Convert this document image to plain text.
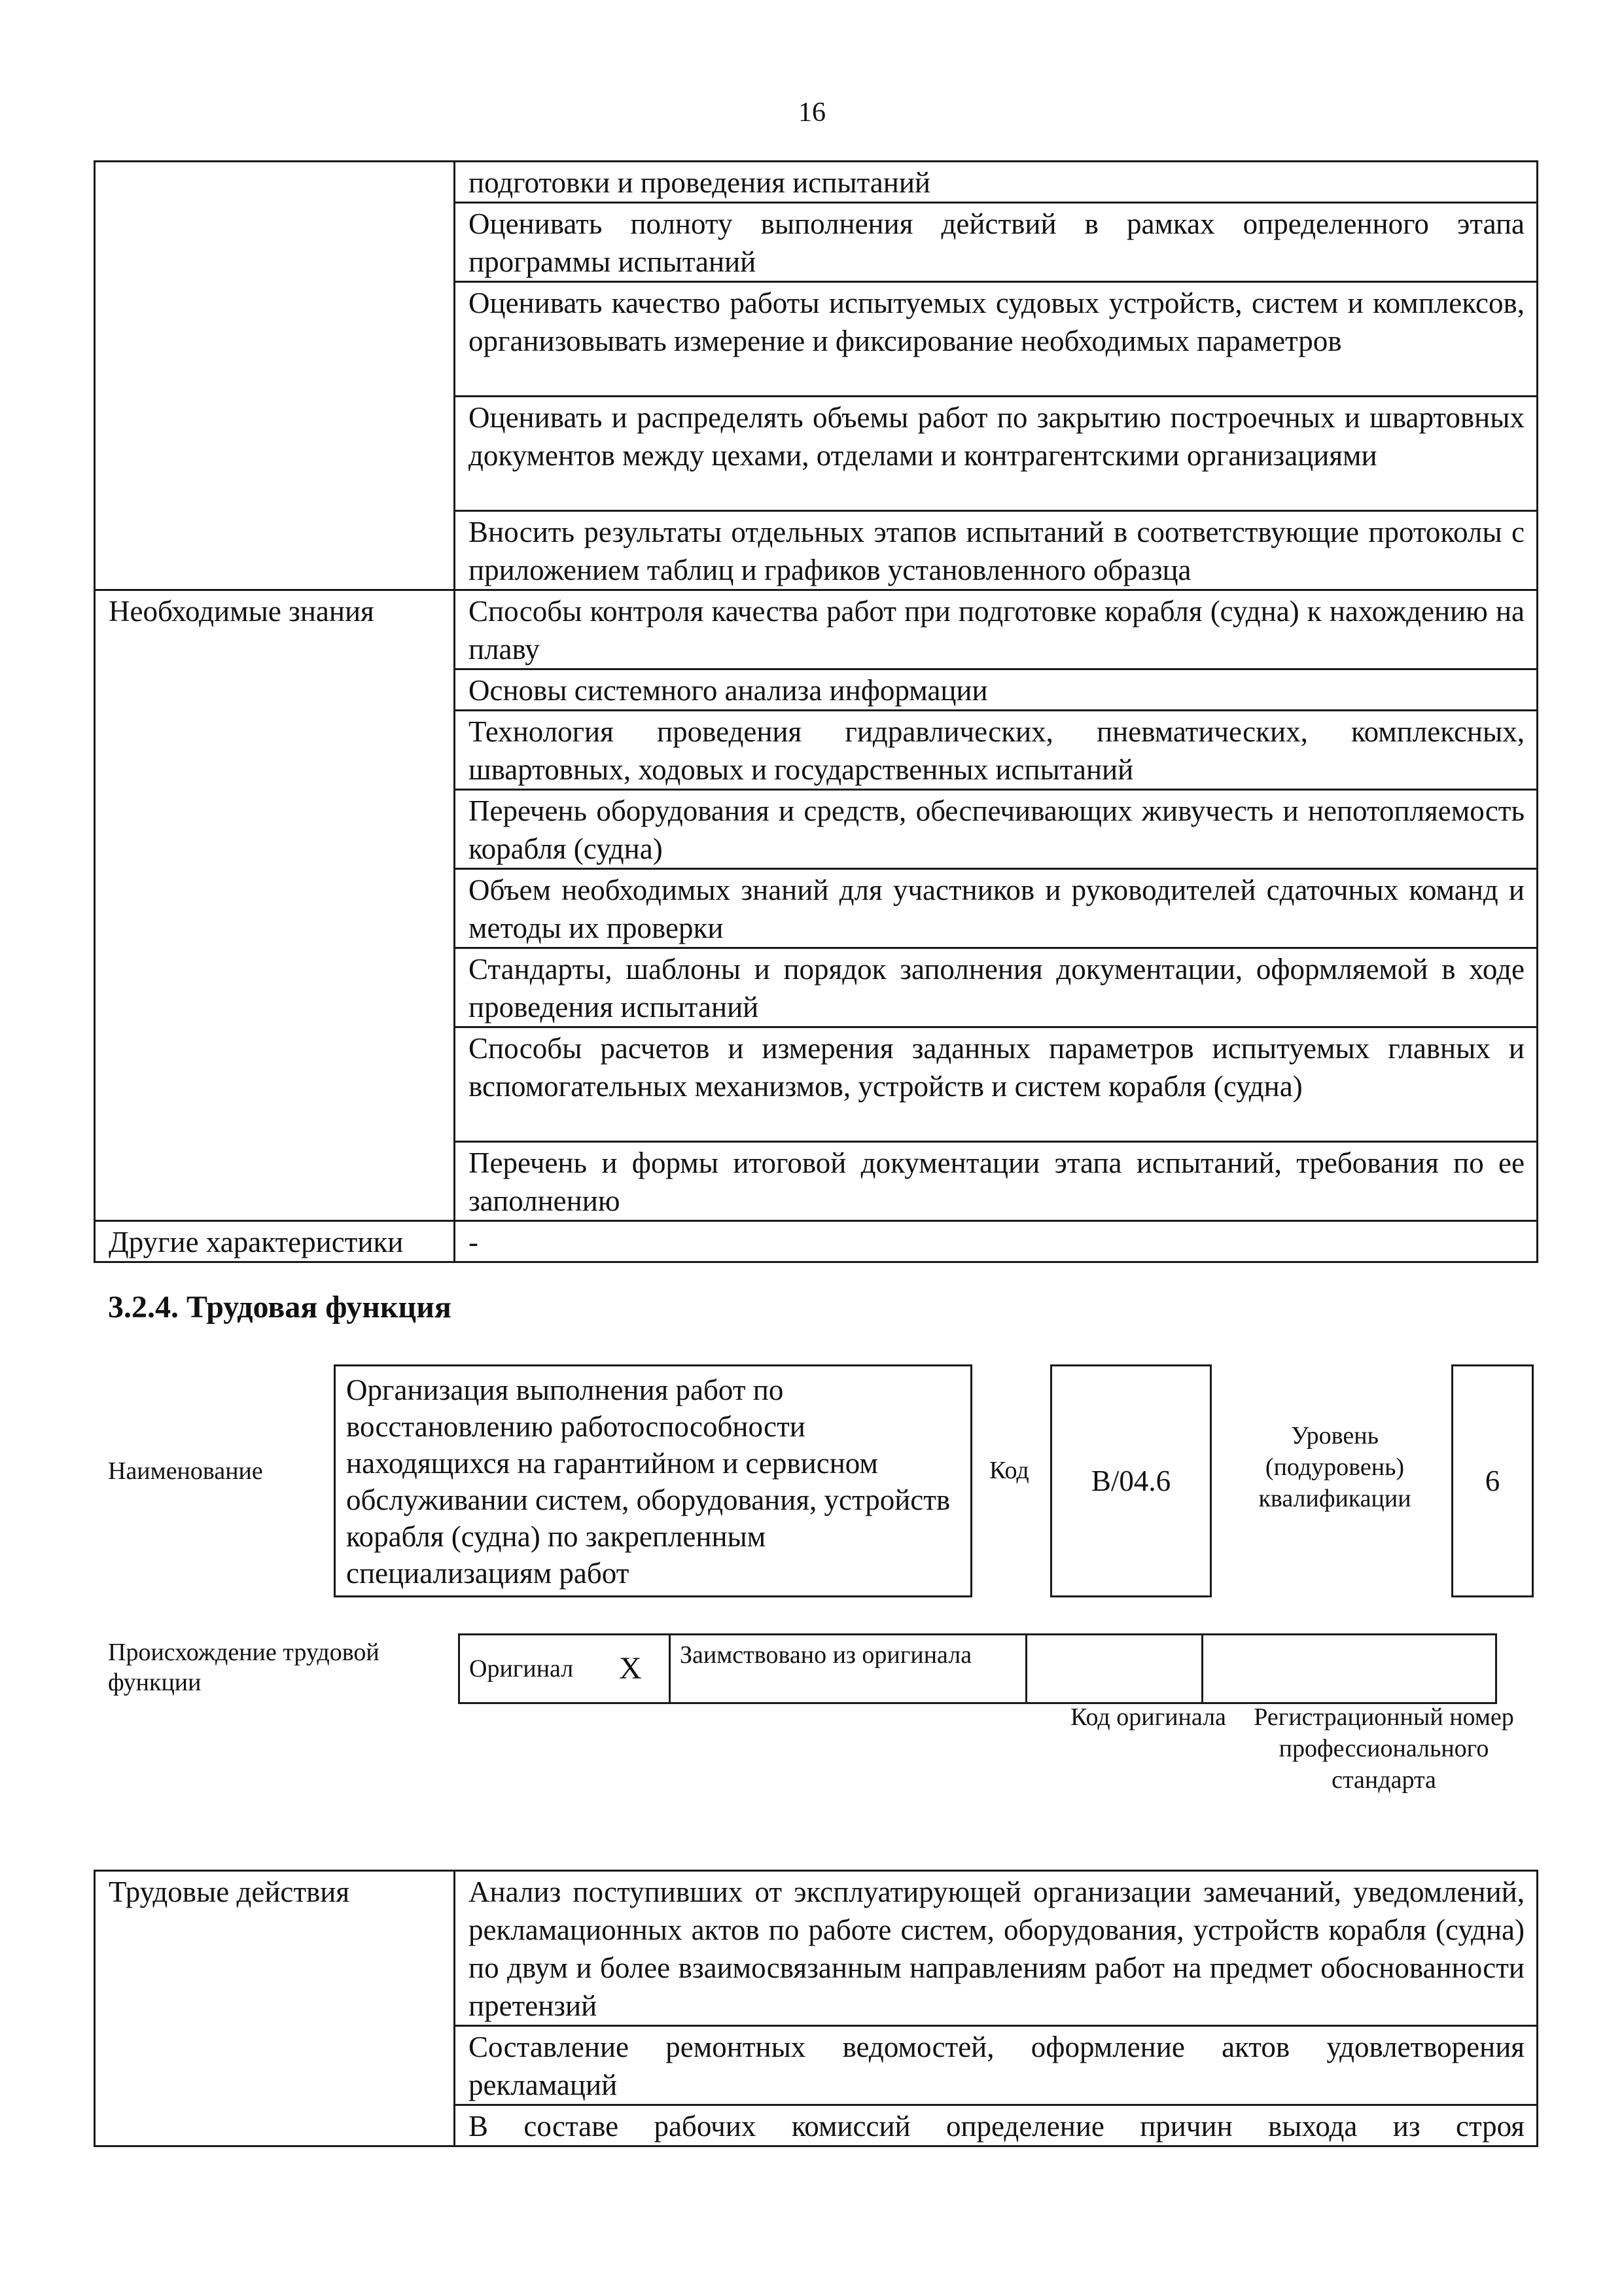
16
	подготовки и проведения испытаний
	Оценивать полноту выполнения действий в рамках определенного этапа программы испытаний
	Оценивать качество работы испытуемых судовых устройств, систем и комплексов, организовывать измерение и фиксирование необходимых параметров
	Оценивать и распределять объемы работ по закрытию построечных и швартовных документов между цехами, отделами и контрагентскими организациями
	Вносить результаты отдельных этапов испытаний в соответствующие протоколы с приложением таблиц и графиков установленного образца
Необходимые знания	Способы контроля качества работ при подготовке корабля (судна) к нахождению на плаву
	Основы системного анализа информации
	Технология проведения гидравлических, пневматических, комплексных, швартовных, ходовых и государственных испытаний
	Перечень оборудования и средств, обеспечивающих живучесть и непотопляемость корабля (судна)
	Объем необходимых знаний для участников и руководителей сдаточных команд и методы их проверки
	Стандарты, шаблоны и порядок заполнения документации, оформляемой в ходе проведения испытаний
	Способы расчетов и измерения заданных параметров испытуемых главных и вспомогательных механизмов, устройств и систем корабля (судна)
	Перечень и формы итоговой документации этапа испытаний, требования по ее заполнению
Другие характеристики	-
3.2.4. Трудовая функция
Наименование
Организация выполнения работ по восстановлению работоспособности находящихся на гарантийном и сервисном обслуживании систем, оборудования, устройств корабля (судна) по закрепленным специализациям работ
Код	B/04.6
Уровень (подуровень) квалификации
6
Происхождение трудовой функции	Оригинал	X	Заимствовано из оригинала		
Код оригинала	Регистрационный номер профессионального стандарта
Трудовые действия	Анализ поступивших от эксплуатирующей организации замечаний, уведомлений, рекламационных актов по работе систем, оборудования, устройств корабля (судна) по двум и более взаимосвязанным направлениям работ на предмет обоснованности претензий
Составление ремонтных ведомостей, оформление актов удовлетворения рекламаций
В составе рабочих комиссий определение причин выхода из строя
